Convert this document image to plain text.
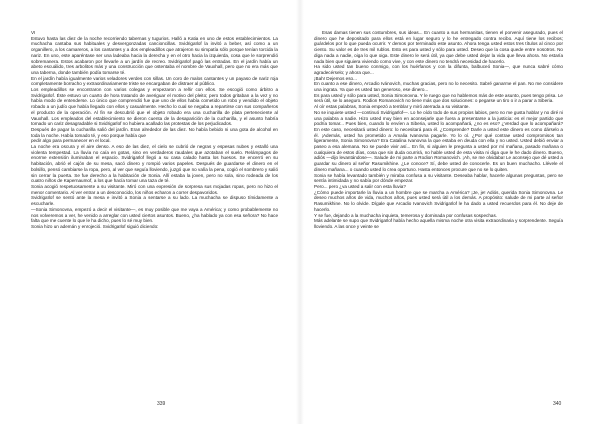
VI

Estuvo hasta las diez de la noche recorriendo tabernas y tugurios. Halló a Katia en uno de estos establecimientos. La muchacha cantaba sus habituales y desvergonzadas cancioncillas. Svidrigaïlof la invitó a beber, así como a un organillero, a los camareros, a los cantantes y a dos empleadillos que atrajeron su simpatía sólo porque tenían torcida la nariz. En uno, este aparéntase ser una ladeaba hacia la derecha y en el otro hacia la izquierda, cosa que le sorprendió sobremanera. Estos acabaron por llevarle a un jardín de recreo. Svidrigaïlof pagó las entradas. En el jardín había un abeto escuálido, tres arbolitos más y una construcción que ostentaba el nombre de Vauxhall, pero que no era más que una taberna, donde también podía tomarse té.

En el jardín había igualmente varios veladores verdes con sillas. Un coro de malos cantantes y un payaso de nariz roja completamente borracho y extraordinariamente triste se encargaban de distraer al público.

Los empleadillos se encontraron con varios colegas y empezaron a reñir con ellos. Se escogió como árbitro a Svidrigaïlof. Éste estuvo un cuarto de hora tratando de averiguar el motivo del pleito; pero todos gritaban a la vez y no había modo de entenderse. Lo único que comprendió fue que uno de ellos había cometido un robo y vendido el objeto robado a un judío que había llegado con ellos y casualmente. Hecho lo cual se negaba a repartirse con sus compañeros el producto de la operación. Al fin se descubrió que el objeto robado era una cucharilla de plata perteneciente al Vauxhall. Los empleados del establecimiento se dieron cuenta de la desaparición de la cucharilla, y el asunto habría tomado un cariz desagradable si Svidrigaïlof no hubiera acallado las protestas de los perjudicados.

Después de pagar la cucharilla salió del jardín. Eran alrededor de las diez. No había bebido ni una gota de alcohol en toda la noche. Había tomado té, y eso porque había que

pedir algo para permanecer en el local.

La noche era oscura y el aire denso. A eso de las diez, el cielo se cubrió de negras y espesas nubes y estalló una violenta tempestad. La lluvia no caía en gotas, sino en verdaderos raudales que azotaban el suelo. Relámpagos de enorme extensión iluminaban el espacio. Svidrigaïlof llegó a su casa calado hasta los huesos. Se encerró en su habitación, abrió el cajón de su mesa, sacó dinero y rompió varios papeles. Después de guardarse el dinero en el bolsillo, pensó cambiarse la ropa, pero, al ver que seguía lloviendo, juzgó que no valía la pena, cogió el sombrero y salió sin cerrar la puerta. Se fue derecho a la habitación de Sonia. Allí estaba la joven, pero no sola, sino rodeada de los cuatro niños de Kapernaumof, a los que hacía tomar una taza de té.

Sonia acogió respetuosamente a su visitante. Miró con una expresión de sorpresa sus mojadas ropas, pero no hizo el menor comentario. Al ver entrar a un desconocido, los niños echaron a correr despavoridos.

Svidrigaïlof se sentó ante la mesa e invitó a Sonia a sentarse a su lado. La muchacha se dispuso tímidamente a escucharle.

—Sonia Simonovna, empezó a decir el visitante—, es muy posible que me vaya a América; y como probablemente no nos volveremos a ver, he venido a arreglar con usted ciertos asuntos. Bueno, ¿ha hablado ya con esa señora? No hace falta que me cuente lo que le ha dicho, pues lo sé muy bien.

Sonia hizo un ademán y enrojeció. Svidrigaïlof siguió diciendo:

339

Esas damas tienen sus costumbres, sus ideas... En cuanto a sus hermanitas, tienen el porvenir asegurado, pues el dinero que he depositado para ellos está en lugar seguro y lo he entregado contra recibo. Aquí tiene los recibos; guárdelos por lo que pueda ocurrir. Y demos por terminado este asunto. Ahora tenga usted estos tres títulos al cinco por ciento. Su valor es de tres mil rublos. Esto es para usted y sólo para usted. Deseo que la cosa quede entre nosotros. No diga nada a nadie, oiga lo que oiga. Este dinero le será útil, ya que debe usted dejar la vida que lleva ahora. No estaría nada bien que siguiera viviendo como vive, y con este dinero no tendrá necesidad de hacerlo.

Ha sido usted tan bueno conmigo, con los huérfanos y con la difunta, balbuceó Sonia—, que nunca sabré cómo agradecérselo; y ahora que...

¡Bah! Dejemos eso...

En cuanto a ese dinero, Arcadio Ivánovich, muchas gracias, pero no lo necesito. Sabré ganarme el pan. No me considere una ingrata. Ya que es usted tan generoso, ese dinero...

Es para usted y sólo para usted, Sonia Simonovna. Y le ruego que no hablemos más de este asunto, pues tengo prisa. Le será útil, se lo aseguro. Rodion Romanovich no tiene más que dos soluciones: o pegarse un tiro o ir a parar a Siberia.

Al oír estas palabras, Sonia empezó a temblar y miró aterrada a su visitante.

No se inquiete usted —continuó Svidrigaïlof—. Lo he oído todo de sus propios labios, pero no me gusta hablar y no diré ni una palabra a nadie. Hizo usted muy bien en aconsejarle que fuera a presentarse a la justicia: es el mejor partido que podría tomar... Pues bien, cuando lo envíen a Siberia, usted lo acompañará, ¿no es eso? ¿Verdad que lo acompañará? En este caso, necesitará usted dinero: lo necesitará para él. ¿Comprende? Darle a usted este dinero es como dárselo a él. ¡Además, usted ha prometido a Amalia Ivanovna pagarle. Yo lo oí. ¿Por qué contrae usted compromisos tan ligeramente, Sonia Simonovna? Era Catalina Ivanovna la que estaba en deuda con ella y no usted. Usted debió enviar a paseo a esa alemana. No se puede vivir así... En fin, si alguien le pregunta a usted por mí mañana, pasado mañana o cualquiera de estos días, cosa que sin duda ocurrirá, no hable usted de esta visita ni diga que le he dado dinero. Bueno, adiós —dijo levantándose—. Salude de mi parte a Rodion Romanovich. ¡Ah, se me olvidaba! Le aconsejo que dé usted a guardar su dinero al señor Rasumikhine. ¿Le conoce? Sí, debe usted de conocerle. Es un buen muchacho. Llévele el dinero mañana... o cuando usted lo crea oportuno. Hasta entonces procure que no se lo quiten.

Sonia se había levantado también y miraba confusa a su visitante. Deseaba hablar, hacerle algunas preguntas, pero se sentía intimidada y no sabía por dónde empezar.

Pero... pero ¿va usted a salir con esta lluvia?

¿Cómo puede importarle la lluvia a un hombre que se marcha a América? ¡Je, je! Adiós, querida Sonia Simonovna. Le deseo muchos años de vida, muchos años, pues usted será útil a los demás. A propósito: salude de mi parte al señor Rasumikhine. No lo olvide. Dígale que Arcadio Ivanovich Svidrigaïlof le ha dado a usted recuerdos para él. No deje de hacerlo.

Y se fue, dejando a la muchacha inquieta, temerosa y dominada por confusas sospechas.

Más adelante se supo que Svidrigaïlof había hecho aquella misma noche otra visita extraordinaria y sorprendente. Seguía lloviendo. A las once y veinte se

340
